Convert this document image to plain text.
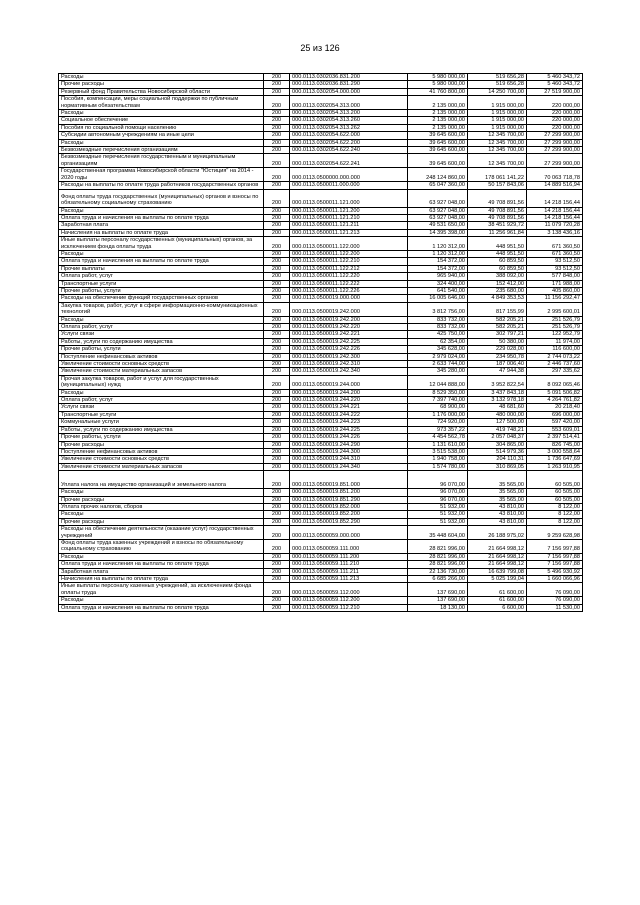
25 из 126
Расходы	200	000.0113.0302036.831.200	5 980 000,00	519 656,28	5 460 343,72
Прочие расходы	200	000.0113.0302036.831.290	5 980 000,00	519 656,28	5 460 343,72
Резервный фонд Правительства Новосибирской области	200	000.0113.0302054.000.000	41 760 800,00	14 250 700,00	27 519 900,00
Пособия, компенсации, меры социальной поддержки по публичным нормативным обязательствам	200	000.0113.0302054.313.000	2 135 000,00	1 915 000,00	220 000,00
Расходы	200	000.0113.0302054.313.200	2 135 000,00	1 915 000,00	220 000,00
Социальное обеспечение	200	000.0113.0302054.313.260	2 135 000,00	1 915 000,00	220 000,00
Пособия по социальной помощи населению	200	000.0113.0302054.313.262	2 135 000,00	1 915 000,00	220 000,00
Субсидии автономным учреждениям на иные цели	200	000.0113.0302054.622.000	39 645 600,00	12 345 700,00	27 299 900,00
Расходы	200	000.0113.0302054.622.200	39 645 600,00	12 345 700,00	27 299 900,00
Безвозмездные перечисления организациям	200	000.0113.0302054.622.240	39 645 600,00	12 345 700,00	27 299 900,00
Безвозмездные перечисления государственным и муниципальным организациям	200	000.0113.0302054.622.241	39 645 600,00	12 345 700,00	27 299 900,00
Государственная программа Новосибирской области "Юстиция" на 2014 - 2020 годы	200	000.0113.0500000.000.000	248 124 860,00	178 061 141,22	70 063 718,78
Расходы на выплаты по оплате труда работников государственных органов	200	000.0113.0500011.000.000	65 047 360,00	50 157 843,06	14 889 516,94
Фонд оплаты труда государственных (муниципальных) органов и взносы по обязательному социальному страхованию	200	000.0113.0500011.121.000	63 927 048,00	49 708 891,56	14 218 156,44
Расходы	200	000.0113.0500011.121.200	63 927 048,00	49 708 891,56	14 218 156,44
Оплата труда и начисления на выплаты по оплате труда	200	000.0113.0500011.121.210	63 927 048,00	49 708 891,56	14 218 156,44
Заработная плата	200	000.0113.0500011.121.211	49 531 650,00	38 451 929,72	11 079 720,28
Начисления на выплаты по оплате труда	200	000.0113.0500011.121.213	14 395 398,00	11 256 961,84	3 138 436,16
Иные выплаты персоналу государственных (муниципальных) органов, за исключением фонда оплаты труда	200	000.0113.0500011.122.000	1 120 312,00	448 951,50	671 360,50
Расходы	200	000.0113.0500011.122.200	1 120 312,00	448 951,50	671 360,50
Оплата труда и начисления на выплаты по оплате труда	200	000.0113.0500011.122.210	154 372,00	60 859,50	93 512,50
Прочие выплаты	200	000.0113.0500011.122.212	154 372,00	60 859,50	93 512,50
Оплата работ, услуг	200	000.0113.0500011.122.220	965 940,00	388 092,00	577 848,00
Транспортные услуги	200	000.0113.0500011.122.222	324 400,00	152 412,00	171 988,00
Прочие работы, услуги	200	000.0113.0500011.122.226	641 540,00	235 680,00	405 860,00
Расходы на обеспечение функций государственных органов	200	000.0113.0500019.000.000	16 005 646,00	4 849 353,53	11 156 292,47
Закупка товаров, работ, услуг в сфере информационно-коммуникационных технологий	200	000.0113.0500019.242.000	3 812 756,00	817 155,99	2 995 600,01
Расходы	200	000.0113.0500019.242.200	833 732,00	582 205,21	251 526,79
Оплата работ, услуг	200	000.0113.0500019.242.220	833 732,00	582 205,21	251 526,79
Услуги связи	200	000.0113.0500019.242.221	425 750,00	302 797,21	122 952,79
Работы, услуги по содержанию имущества	200	000.0113.0500019.242.225	62 354,00	50 380,00	11 974,00
Прочие работы, услуги	200	000.0113.0500019.242.226	345 628,00	229 028,00	116 600,00
Поступление нефинансовых активов	200	000.0113.0500019.242.300	2 979 024,00	234 950,78	2 744 073,22
Увеличение стоимости основных средств	200	000.0113.0500019.242.310	2 633 744,00	187 006,40	2 446 737,60
Увеличение стоимости материальных запасов	200	000.0113.0500019.242.340	345 280,00	47 944,38	297 335,62
Прочая закупка товаров, работ и услуг для государственных (муниципальных) нужд	200	000.0113.0500019.244.000	12 044 888,00	3 952 822,54	8 092 065,46
Расходы	200	000.0113.0500019.244.200	8 529 350,00	3 437 843,18	5 091 506,82
Оплата работ, услуг	200	000.0113.0500019.244.220	7 397 740,00	3 132 978,18	4 264 761,82
Услуги связи	200	000.0113.0500019.244.221	68 900,00	48 681,60	20 218,40
Транспортные услуги	200	000.0113.0500019.244.222	1 176 000,00	480 000,00	696 000,00
Коммунальные услуги	200	000.0113.0500019.244.223	724 920,00	127 500,00	597 420,00
Работы, услуги по содержанию имущества	200	000.0113.0500019.244.225	973 357,22	419 748,21	553 609,01
Прочие работы, услуги	200	000.0113.0500019.244.226	4 454 562,78	2 057 048,37	2 397 514,41
Прочие расходы	200	000.0113.0500019.244.290	1 131 610,00	304 865,00	826 745,00
Поступление нефинансовых активов	200	000.0113.0500019.244.300	3 515 538,00	514 979,36	3 000 558,64
Увеличение стоимости основных средств	200	000.0113.0500019.244.310	1 940 758,00	204 110,31	1 736 647,69
Увеличение стоимости материальных запасов	200	000.0113.0500019.244.340	1 574 780,00	310 869,05	1 263 910,95
Уплата налога на имущество организаций и земельного налога	200	000.0113.0500019.851.000	96 070,00	35 565,00	60 505,00
Расходы	200	000.0113.0500019.851.200	96 070,00	35 565,00	60 505,00
Прочие расходы	200	000.0113.0500019.851.290	96 070,00	35 565,00	60 505,00
Уплата прочих налогов, сборов	200	000.0113.0500019.852.000	51 932,00	43 810,00	8 122,00
Расходы	200	000.0113.0500019.852.200	51 932,00	43 810,00	8 122,00
Прочие расходы	200	000.0113.0500019.852.290	51 932,00	43 810,00	8 122,00
Расходы на обеспечение деятельности (оказание услуг) государственных учреждений	200	000.0113.0500059.000.000	35 448 604,00	26 188 975,02	9 259 628,98
Фонд оплаты труда казенных учреждений и взносы по обязательному социальному страхованию	200	000.0113.0500059.111.000	28 821 996,00	21 664 998,12	7 156 997,88
Расходы	200	000.0113.0500059.111.200	28 821 996,00	21 664 998,12	7 156 997,88
Оплата труда и начисления на выплаты по оплате труда	200	000.0113.0500059.111.210	28 821 996,00	21 664 998,12	7 156 997,88
Заработная плата	200	000.0113.0500059.111.211	22 136 730,00	16 639 799,08	5 496 930,92
Начисления на выплаты по оплате труда	200	000.0113.0500059.111.213	6 685 266,00	5 025 199,04	1 660 066,96
Иные выплаты персоналу казенных учреждений, за исключением фонда оплаты труда	200	000.0113.0500059.112.000	137 690,00	61 600,00	76 090,00
Расходы	200	000.0113.0500059.112.200	137 690,00	61 600,00	76 090,00
Оплата труда и начисления на выплаты по оплате труда	200	000.0113.0500059.112.210	18 130,00	6 600,00	11 530,00
